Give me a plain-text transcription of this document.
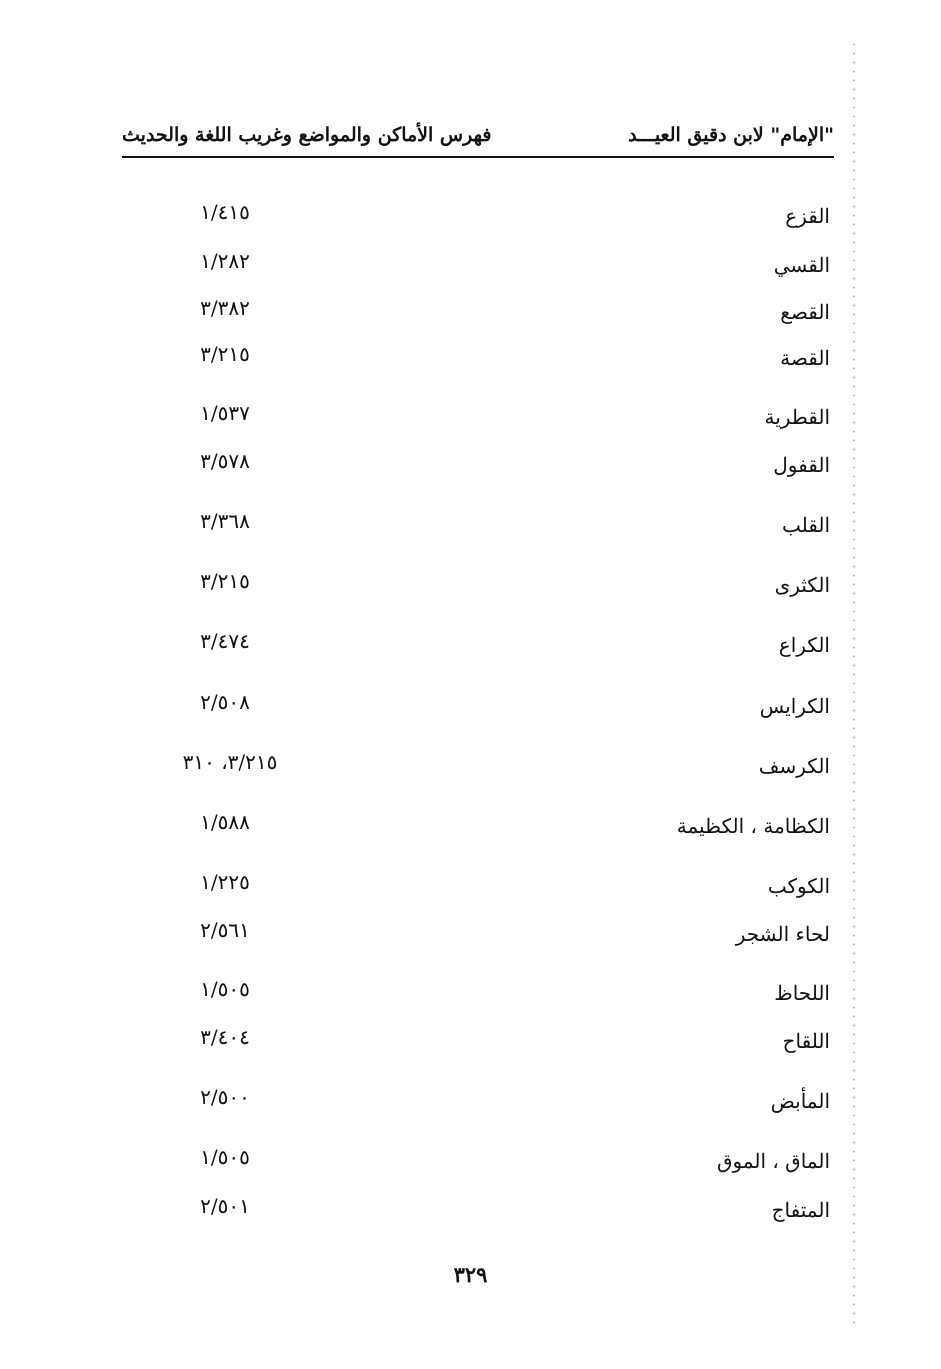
"الإمام" لابن دقيق العيـــد
فهرس الأماكن والمواضع وغريب اللغة والحديث
القزع
١/٤١٥
القسي
١/٢٨٢
القصع
٣/٣٨٢
القصة
٣/٢١٥
القطرية
١/٥٣٧
القفول
٣/٥٧٨
القلب
٣/٣٦٨
الكثرى
٣/٢١٥
الكراع
٣/٤٧٤
الكرايس
٢/٥٠٨
الكرسف
٣/٢١٥، ٣١٠
الكظامة ، الكظيمة
١/٥٨٨
الكوكب
١/٢٢٥
لحاء الشجر
٢/٥٦١
اللحاظ
١/٥٠٥
اللقاح
٣/٤٠٤
المأبض
٢/٥٠٠
الماق ، الموق
١/٥٠٥
المتفاج
٢/٥٠١
٣٢٩
